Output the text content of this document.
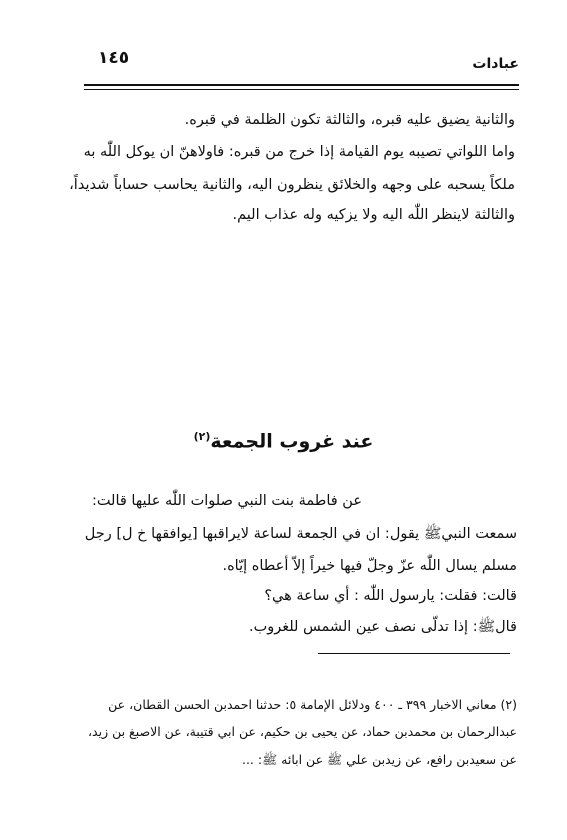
١٤٥	عبادات
والثانية يضيق عليه قبره، والثالثة تكون الظلمة في قبره.
واما اللواتي تصيبه يوم القيامة إذا خرج من قبره: فاولاهنّ ان يوكل اللّٰه به
ملكاً يسحبه على وجهه والخلائق ينظرون اليه، والثانية يحاسب حساباً شديداً،
والثالثة لاينظر اللّٰه اليه ولا يزكيه وله عذاب اليم.
عند غروب الجمعة$^{(٢)}$
عن فاطمة بنت النبي صلوات اللّٰه عليها قالت:
سمعت النبيﷺ يقول: ان في الجمعة لساعة لايراقبها [يوافقها خ ل] رجل
مسلم يسال اللّٰه عزّ وجلّ فيها خيراً إلاّ أعطاه إيّاه.
قالت: فقلت: يارسول اللّٰه : أي ساعة هي؟
قالﷺ: إذا تدلّى نصف عين الشمس للغروب.
(٢) معاني الاخبار ٣٩٩ ـ ٤٠٠ ودلائل الإمامة ٥: حدثنا احمدبن الحسن القطان، عن
عبدالرحمان بن محمدبن حماد، عن يحيى بن حكيم، عن ابي قتيبة، عن الاصبغ بن زيد،
عن سعيدبن رافع، عن زيدبن علي ﷺ عن ابائه ﷺ: ...
